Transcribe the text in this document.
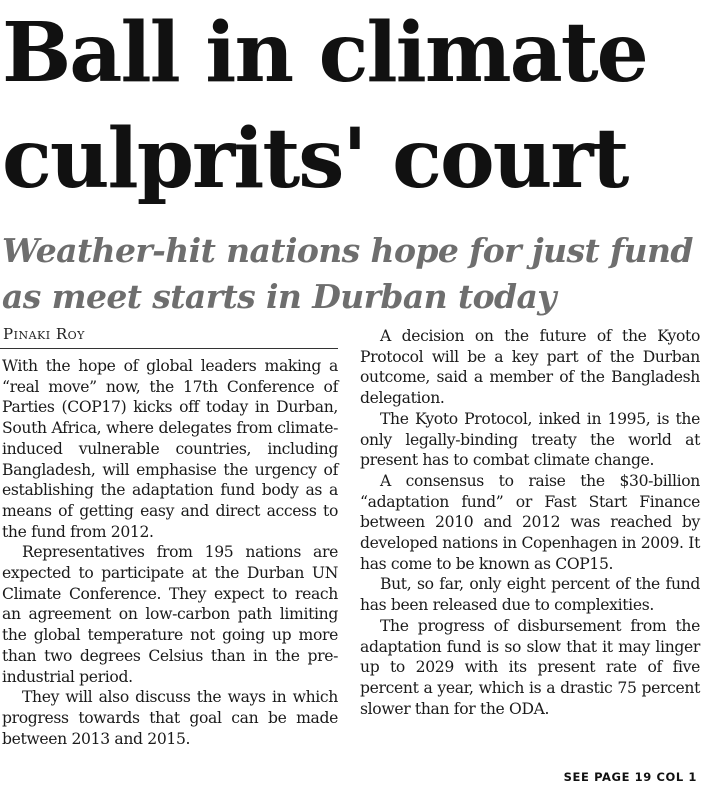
Ball in climate
culprits' court
Weather-hit nations hope for just fund
as meet starts in Durban today
Pinaki Roy

With the hope of global leaders making a “real move” now, the 17th Conference of Parties (COP17) kicks off today in Durban, South Africa, where delegates from climate-induced vulnerable countries, including Bangladesh, will emphasise the urgency of establishing the adaptation fund body as a means of getting easy and direct access to the fund from 2012.

Representatives from 195 nations are expected to participate at the Durban UN Climate Conference. They expect to reach an agreement on low-carbon path limiting the global temperature not going up more than two degrees Celsius than in the pre-industrial period.

They will also discuss the ways in which progress towards that goal can be made between 2013 and 2015.

A decision on the future of the Kyoto Protocol will be a key part of the Durban outcome, said a member of the Bangladesh delegation.

The Kyoto Protocol, inked in 1995, is the only legally-binding treaty the world at present has to combat climate change.

A consensus to raise the $30-billion “adaptation fund” or Fast Start Finance between 2010 and 2012 was reached by developed nations in Copenhagen in 2009. It has come to be known as COP15.

But, so far, only eight percent of the fund has been released due to complexities.

The progress of disbursement from the adaptation fund is so slow that it may linger up to 2029 with its present rate of five percent a year, which is a drastic 75 percent slower than for the ODA.

SEE PAGE 19 COL 1
